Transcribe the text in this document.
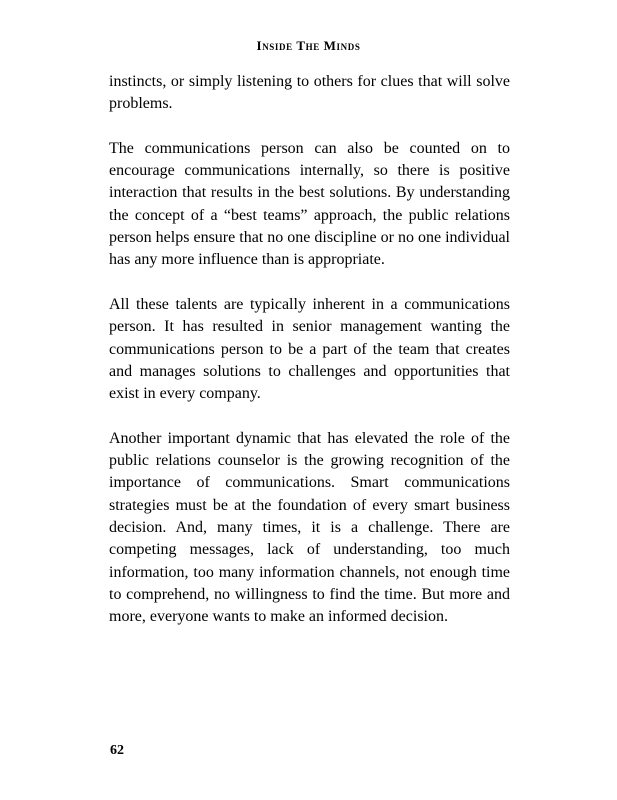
Inside The Minds

instincts, or simply listening to others for clues that will solve problems.

The communications person can also be counted on to encourage communications internally, so there is positive interaction that results in the best solutions. By understanding the concept of a “best teams” approach, the public relations person helps ensure that no one discipline or no one individual has any more influence than is appropriate.

All these talents are typically inherent in a communications person. It has resulted in senior management wanting the communications person to be a part of the team that creates and manages solutions to challenges and opportunities that exist in every company.

Another important dynamic that has elevated the role of the public relations counselor is the growing recognition of the importance of communications. Smart communications strategies must be at the foundation of every smart business decision. And, many times, it is a challenge. There are competing messages, lack of understanding, too much information, too many information channels, not enough time to comprehend, no willingness to find the time. But more and more, everyone wants to make an informed decision.

62
